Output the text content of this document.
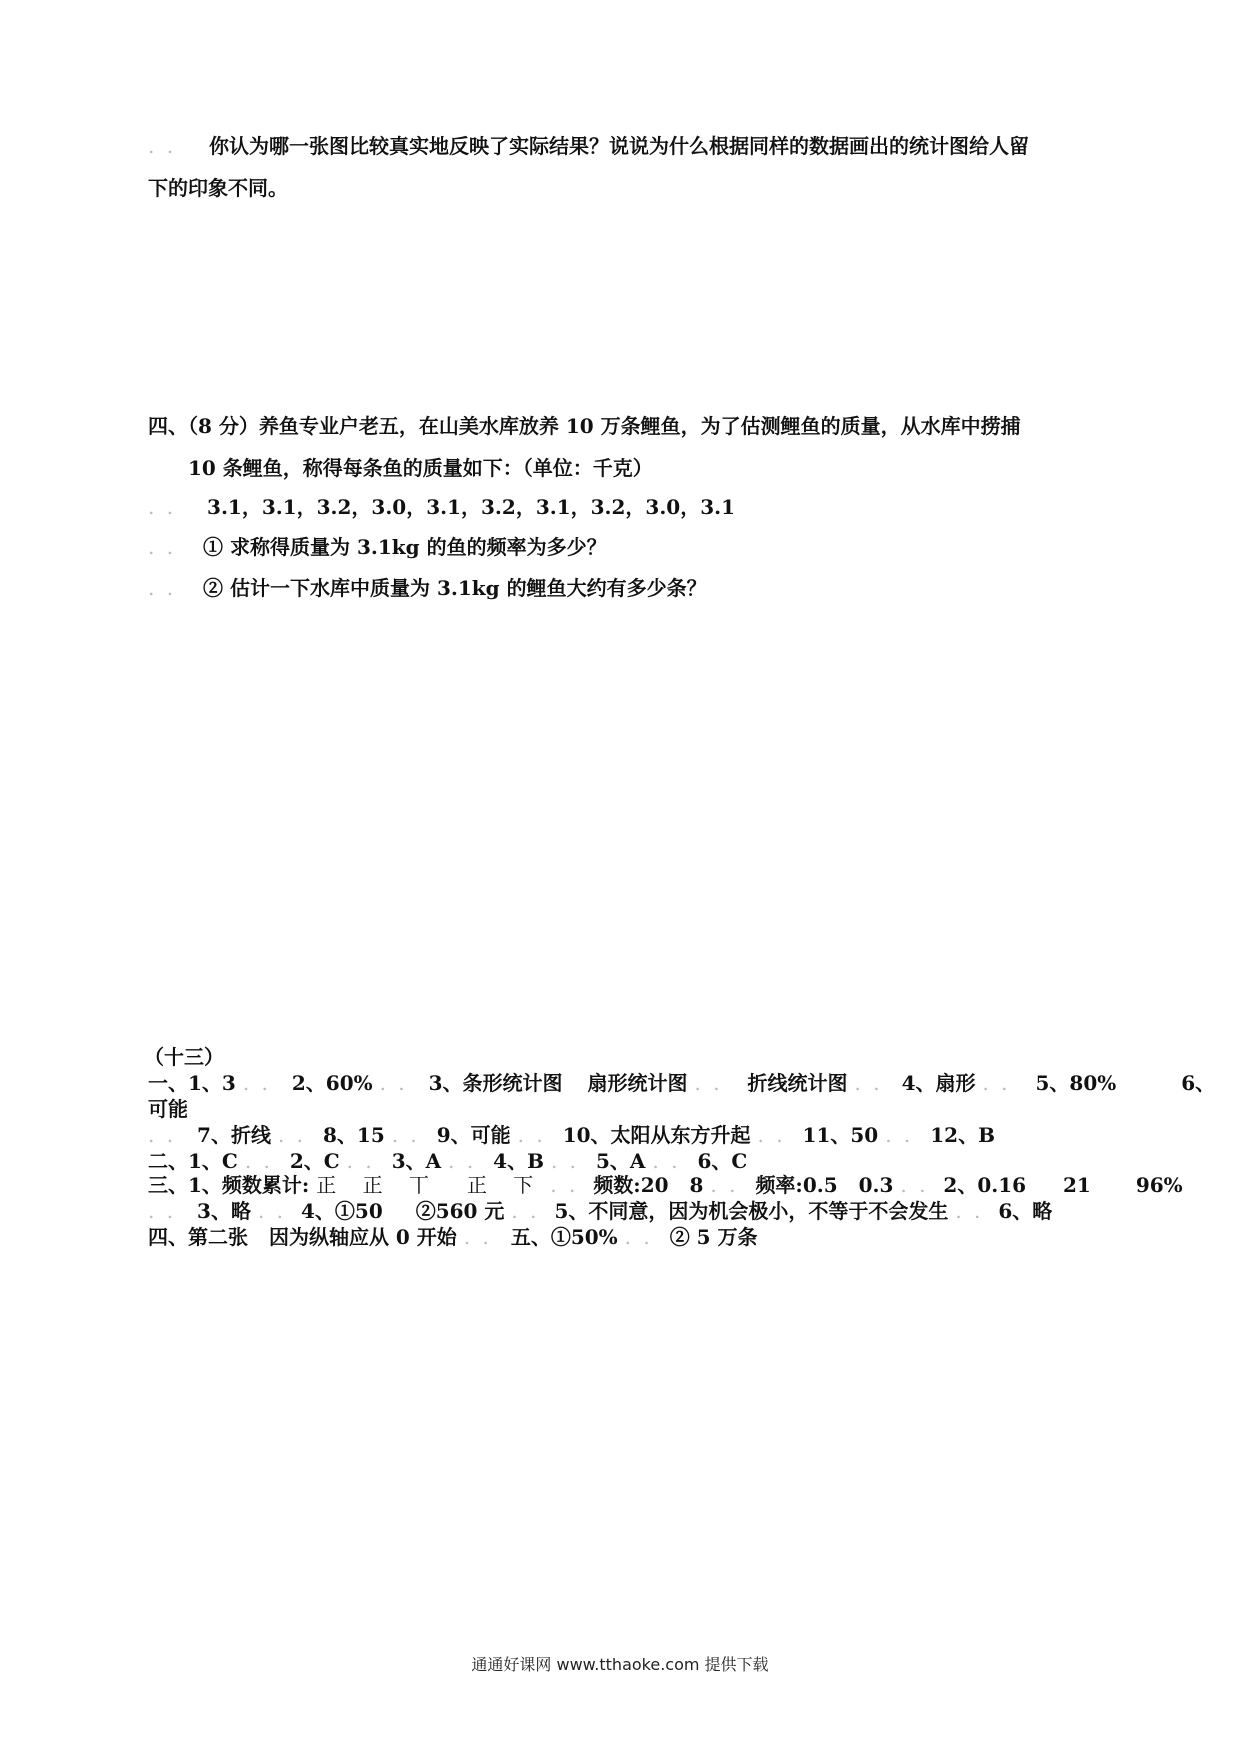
. . 你认为哪一张图比较真实地反映了实际结果？说说为什么根据同样的数据画出的统计图给人留
下的印象不同。
四、（8 分）养鱼专业户老五，在山美水库放养 10 万条鲤鱼，为了估测鲤鱼的质量，从水库中捞捕
10 条鲤鱼，称得每条鱼的质量如下：（单位：千克）
. . 3.1，3.1，3.2，3.0，3.1，3.2，3.1，3.2，3.0，3.1
. . ① 求称得质量为 3.1kg 的鱼的频率为多少？
. . ② 估计一下水库中质量为 3.1kg 的鲤鱼大约有多少条？
（十三）
一、1、3 . . 2、60% . . 3、条形统计图 扇形统计图 . . 折线统计图 . . 4、扇形 . . 5、80%	6、
可能
. . 7、折线 . . 8、15 . . 9、可能 . . 10、太阳从东方升起 . . 11、50 . . 12、B
二、1、C . . 2、C . . 3、A . . 4、B . . 5、A . . 6、C
三、1、频数累计: 正 正 丅 正 下 . . 频数:20 8 . . 频率:0.5 0.3 . . 2、0.16 21 96%
. . 3、略 . . 4、①50 ②560 元 . . 5、不同意，因为机会极小，不等于不会发生 . . 6、略
四、第二张 因为纵轴应从 0 开始 . . 五、①50% . . ② 5 万条
通通好课网 www.tthaoke.com 提供下载
